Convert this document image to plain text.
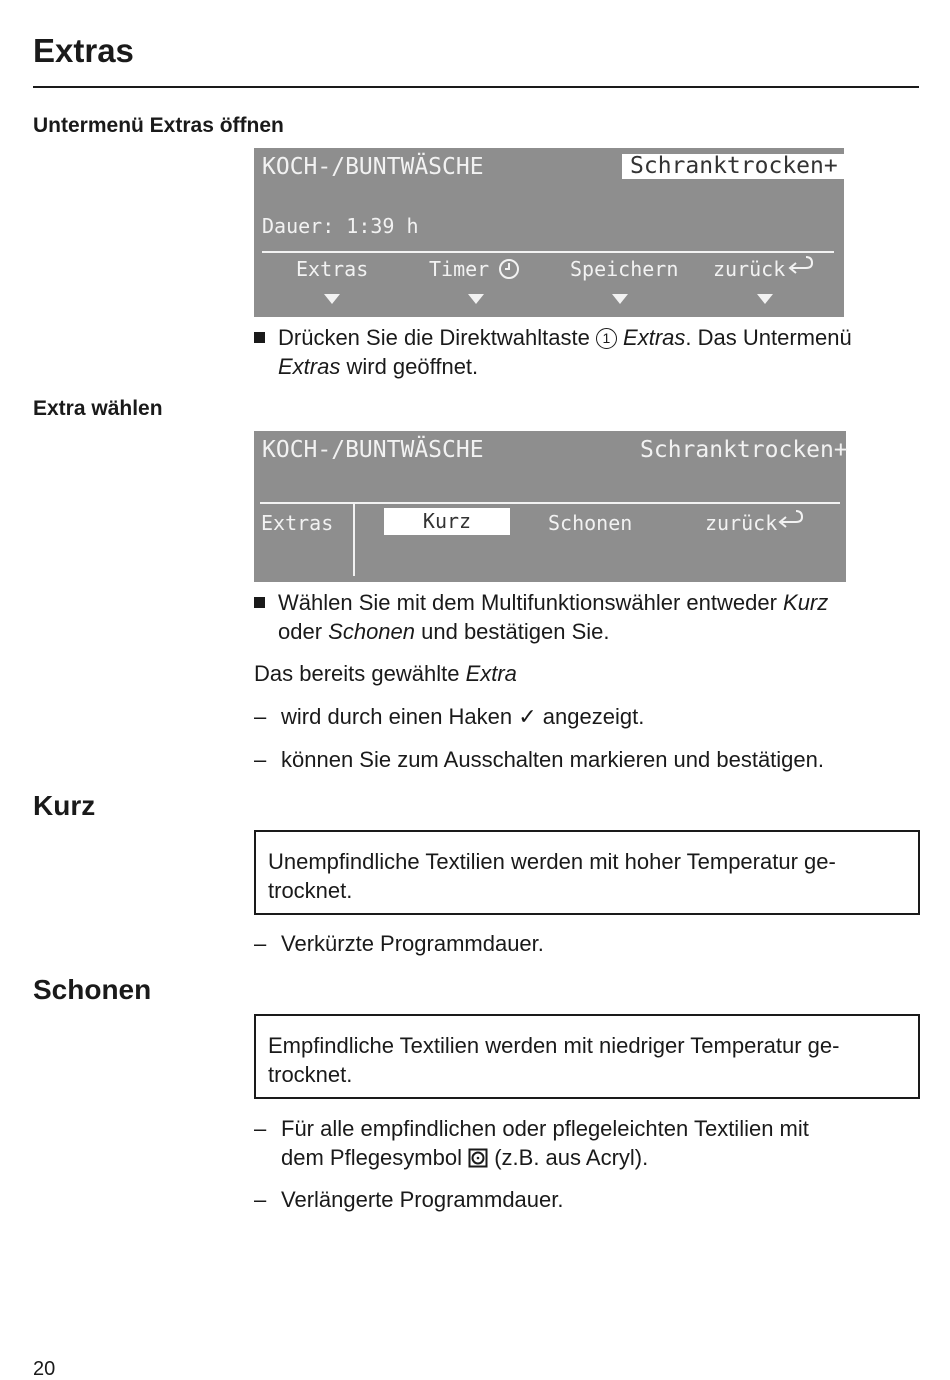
Extras
Untermenü Extras öffnen
KOCH-/BUNTWÄSCHE	Schranktrocken+
Dauer: 1:39 h
Extras	Timer	Speichern zurück
Drücken Sie die Direktwahltaste 1 Extras. Das Untermenü
Extras wird geöffnet.
Extra wählen
KOCH-/BUNTWÄSCHE	Schranktrocken+
Extras	Kurz	Schonen	zurück
Wählen Sie mit dem Multifunktionswähler entweder Kurz
oder Schonen und bestätigen Sie.
Das bereits gewählte Extra
– wird durch einen Haken ✓ angezeigt.
– können Sie zum Ausschalten markieren und bestätigen.
Kurz
Unempfindliche Textilien werden mit hoher Temperatur ge-
trocknet.
– Verkürzte Programmdauer.
Schonen
Empfindliche Textilien werden mit niedriger Temperatur ge-
trocknet.
– Für alle empfindlichen oder pflegeleichten Textilien mit
dem Pflegesymbol  (z.B. aus Acryl).
– Verlängerte Programmdauer.
20
